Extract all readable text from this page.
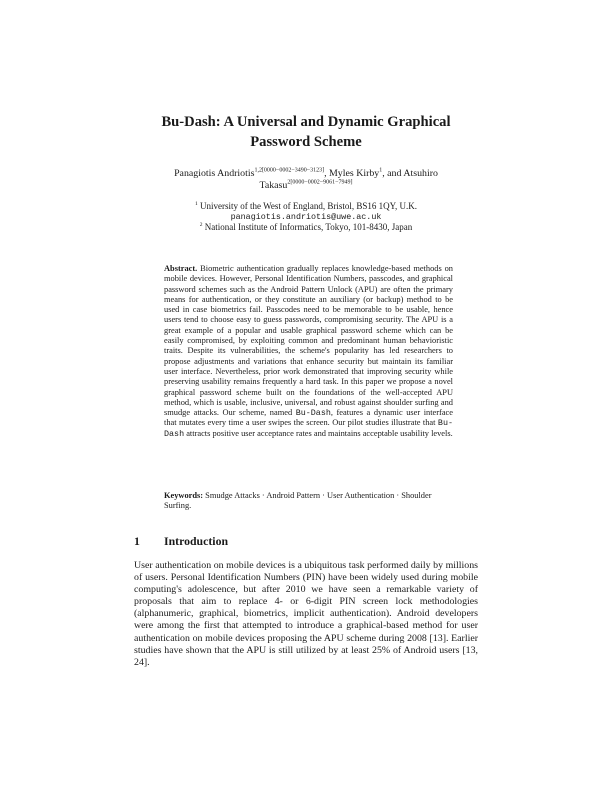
Bu-Dash: A Universal and Dynamic Graphical
Password Scheme
Panagiotis Andriotis$^{1,2[0000-0002-3490-3123]}$, Myles Kirby$^1$, and Atsuhiro
Takasu$^{2[0000-0002-9061-7949]}$
$^1$ University of the West of England, Bristol, BS16 1QY, U.K.
panagiotis.andriotis@uwe.ac.uk
$^2$ National Institute of Informatics, Tokyo, 101-8430, Japan

Abstract. Biometric authentication gradually replaces knowledge-based methods on mobile devices. However, Personal Identification Numbers, passcodes, and graphical password schemes such as the Android Pattern Unlock (APU) are often the primary means for authentication, or they constitute an auxiliary (or backup) method to be used in case biometrics fail. Passcodes need to be memorable to be usable, hence users tend to choose easy to guess passwords, compromising security. The APU is a great example of a popular and usable graphical password scheme which can be easily compromised, by exploiting common and predominant human behavioristic traits. Despite its vulnerabilities, the scheme's popularity has led researchers to propose adjustments and variations that enhance security but maintain its familiar user interface. Nevertheless, prior work demonstrated that improving security while preserving usability remains frequently a hard task. In this paper we propose a novel graphical password scheme built on the foundations of the well-accepted APU method, which is usable, inclusive, universal, and robust against shoulder surfing and smudge attacks. Our scheme, named Bu-Dash, features a dynamic user interface that mutates every time a user swipes the screen. Our pilot studies illustrate that Bu-Dash attracts positive user acceptance rates and maintains acceptable usability levels.

Keywords: Smudge Attacks · Android Pattern · User Authentication · Shoulder Surfing.

1 Introduction

User authentication on mobile devices is a ubiquitous task performed daily by millions of users. Personal Identification Numbers (PIN) have been widely used during mobile computing's adolescence, but after 2010 we have seen a remarkable variety of proposals that aim to replace 4- or 6-digit PIN screen lock methodologies (alphanumeric, graphical, biometrics, implicit authentication). Android developers were among the first that attempted to introduce a graphical-based method for user authentication on mobile devices proposing the APU scheme during 2008 [13]. Earlier studies have shown that the APU is still utilized by at least 25% of Android users [13, 24].
